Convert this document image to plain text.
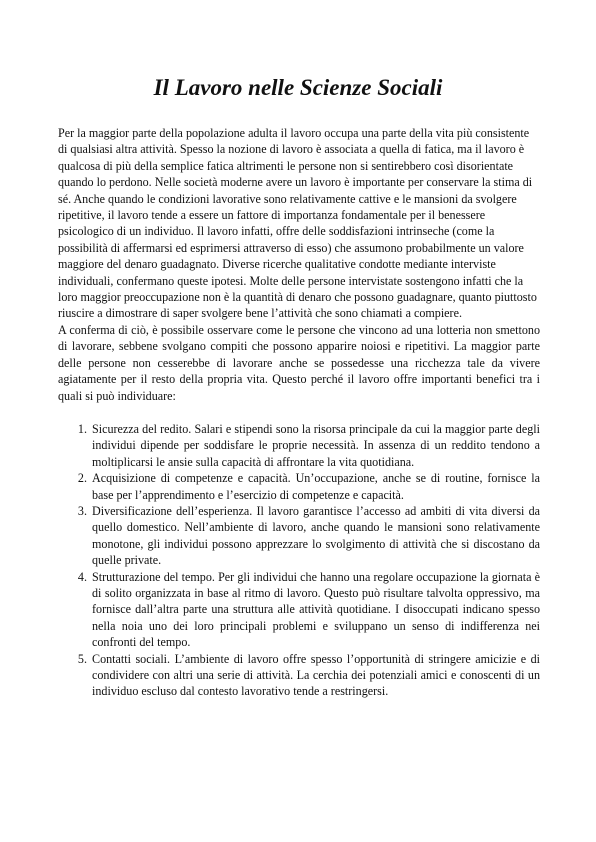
Il Lavoro nelle Scienze Sociali

Per la maggior parte della popolazione adulta il lavoro occupa una parte della vita più consistente di qualsiasi altra attività. Spesso la nozione di lavoro è associata a quella di fatica, ma il lavoro è qualcosa di più della semplice fatica altrimenti le persone non si sentirebbero così disorientate quando lo perdono. Nelle società moderne avere un lavoro è importante per conservare la stima di sé. Anche quando le condizioni lavorative sono relativamente cattive e le mansioni da svolgere ripetitive, il lavoro tende a essere un fattore di importanza fondamentale per il benessere psicologico di un individuo. Il lavoro infatti, offre delle soddisfazioni intrinseche (come la possibilità di affermarsi ed esprimersi attraverso di esso) che assumono probabilmente un valore maggiore del denaro guadagnato. Diverse ricerche qualitative condotte mediante interviste individuali, confermano queste ipotesi. Molte delle persone intervistate sostengono infatti che la loro maggior preoccupazione non è la quantità di denaro che possono guadagnare, quanto piuttosto riuscire a dimostrare di saper svolgere bene l’attività che sono chiamati a compiere.

A conferma di ciò, è possibile osservare come le persone che vincono ad una lotteria non smettono di lavorare, sebbene svolgano compiti che possono apparire noiosi e ripetitivi. La maggior parte delle persone non cesserebbe di lavorare anche se possedesse una ricchezza tale da vivere agiatamente per il resto della propria vita. Questo perché il lavoro offre importanti benefici tra i quali si può individuare:

1. Sicurezza del redito. Salari e stipendi sono la risorsa principale da cui la maggior parte degli individui dipende per soddisfare le proprie necessità. In assenza di un reddito tendono a moltiplicarsi le ansie sulla capacità di affrontare la vita quotidiana.
2. Acquisizione di competenze e capacità. Un’occupazione, anche se di routine, fornisce la base per l’apprendimento e l’esercizio di competenze e capacità.
3. Diversificazione dell’esperienza. Il lavoro garantisce l’accesso ad ambiti di vita diversi da quello domestico. Nell’ambiente di lavoro, anche quando le mansioni sono relativamente monotone, gli individui possono apprezzare lo svolgimento di attività che si discostano da quelle private.
4. Strutturazione del tempo. Per gli individui che hanno una regolare occupazione la giornata è di solito organizzata in base al ritmo di lavoro. Questo può risultare talvolta oppressivo, ma fornisce dall’altra parte una struttura alle attività quotidiane. I disoccupati indicano spesso nella noia uno dei loro principali problemi e sviluppano un senso di indifferenza nei confronti del tempo.
5. Contatti sociali. L’ambiente di lavoro offre spesso l’opportunità di stringere amicizie e di condividere con altri una serie di attività. La cerchia dei potenziali amici e conoscenti di un individuo escluso dal contesto lavorativo tende a restringersi.
